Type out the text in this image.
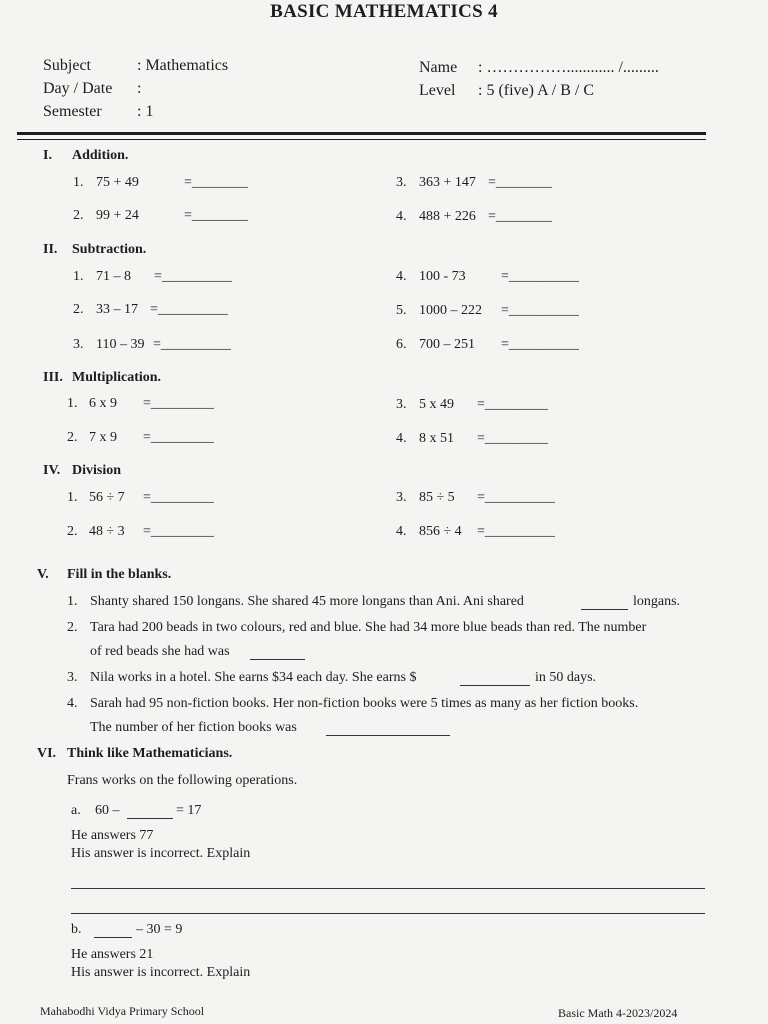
BASIC MATHEMATICS 4
Subject	: Mathematics
Day / Date :
Semester : 1
Name : ……………............ /.........
Level : 5 (five) A / B / C
I. Addition.
1. 75 + 49	=________
2. 99 + 24	=________
3. 363 + 147 =________
4. 488 + 226 =________
II. Subtraction.
1. 71 – 8 =__________
2. 33 – 17 =__________
3. 110 – 39 =__________
4. 100 - 73	=__________
5. 1000 – 222 =__________
6. 700 – 251 =__________
III. Multiplication.
1. 6 x 9 =_________
2. 7 x 9 =_________
3. 5 x 49 =_________
4. 8 x 51 =_________
IV. Division
1. 56 ÷ 7 =_________
2. 48 ÷ 3 =_________
3. 85 ÷ 5 =__________
4. 856 ÷ 4 =__________
V. Fill in the blanks.
1. Shanty shared 150 longans. She shared 45 more longans than Ani. Ani shared	longans.
2. Tara had 200 beads in two colours, red and blue. She had 34 more blue beads than red. The number
of red beads she had was
3. Nila works in a hotel. She earns $34 each day. She earns $	in 50 days.
4. Sarah had 95 non-fiction books. Her non-fiction books were 5 times as many as her fiction books.
The number of her fiction books was
VI. Think like Mathematicians.
Frans works on the following operations.
a. 60 –	= 17
He answers 77
His answer is incorrect. Explain
b.	– 30 = 9
He answers 21
His answer is incorrect. Explain
Mahabodhi Vidya Primary School	Basic Math 4-2023/2024
